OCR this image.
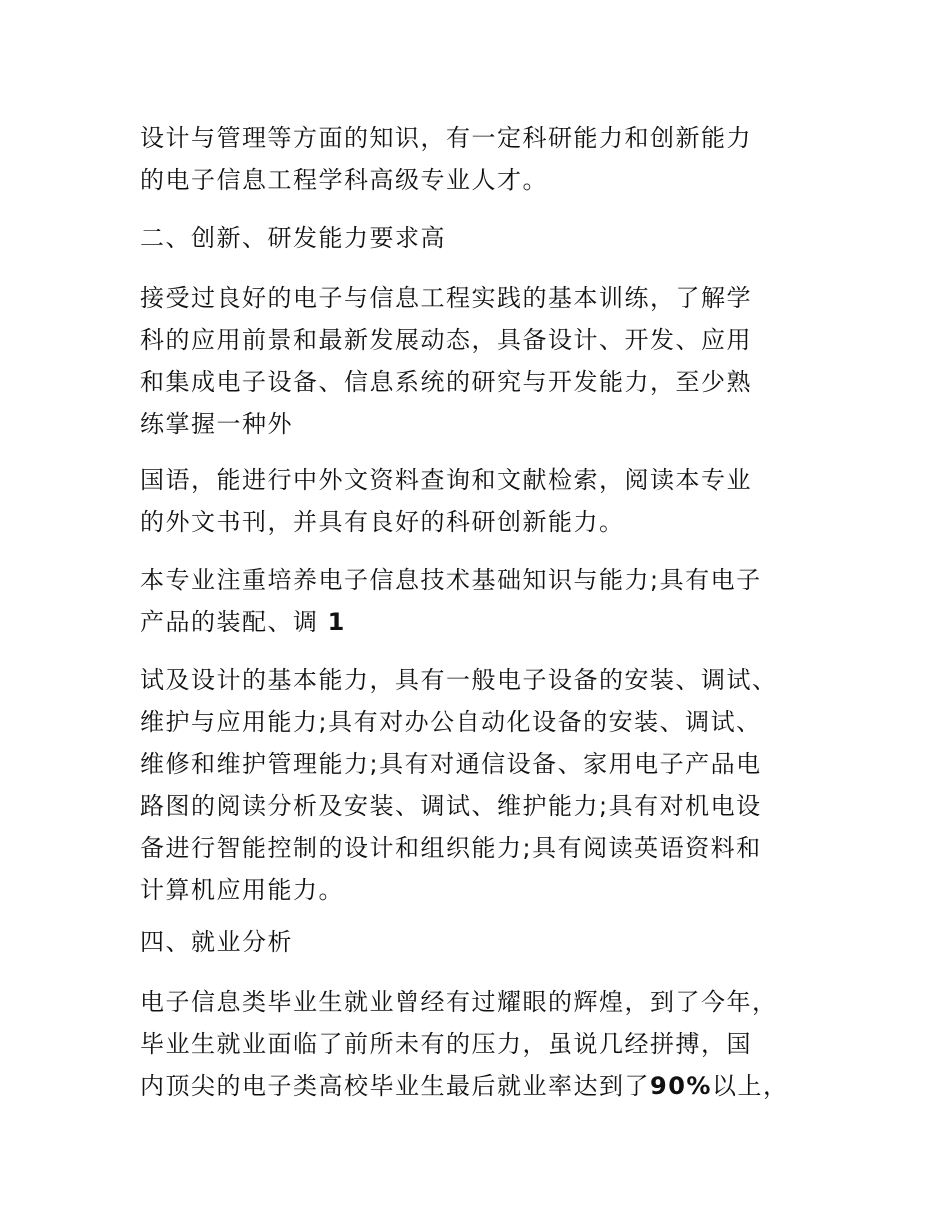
设计与管理等方面的知识，有一定科研能力和创新能力
的电子信息工程学科高级专业人才。

二、创新、研发能力要求高

接受过良好的电子与信息工程实践的基本训练，了解学
科的应用前景和最新发展动态，具备设计、开发、应用
和集成电子设备、信息系统的研究与开发能力，至少熟
练掌握一种外

国语，能进行中外文资料查询和文献检索，阅读本专业
的外文书刊，并具有良好的科研创新能力。

本专业注重培养电子信息技术基础知识与能力;具有电子
产品的装配、调 1

试及设计的基本能力，具有一般电子设备的安装、调试、
维护与应用能力;具有对办公自动化设备的安装、调试、
维修和维护管理能力;具有对通信设备、家用电子产品电
路图的阅读分析及安装、调试、维护能力;具有对机电设
备进行智能控制的设计和组织能力;具有阅读英语资料和
计算机应用能力。

四、就业分析

电子信息类毕业生就业曾经有过耀眼的辉煌，到了今年，
毕业生就业面临了前所未有的压力，虽说几经拼搏，国
内顶尖的电子类高校毕业生最后就业率达到了90%以上，
